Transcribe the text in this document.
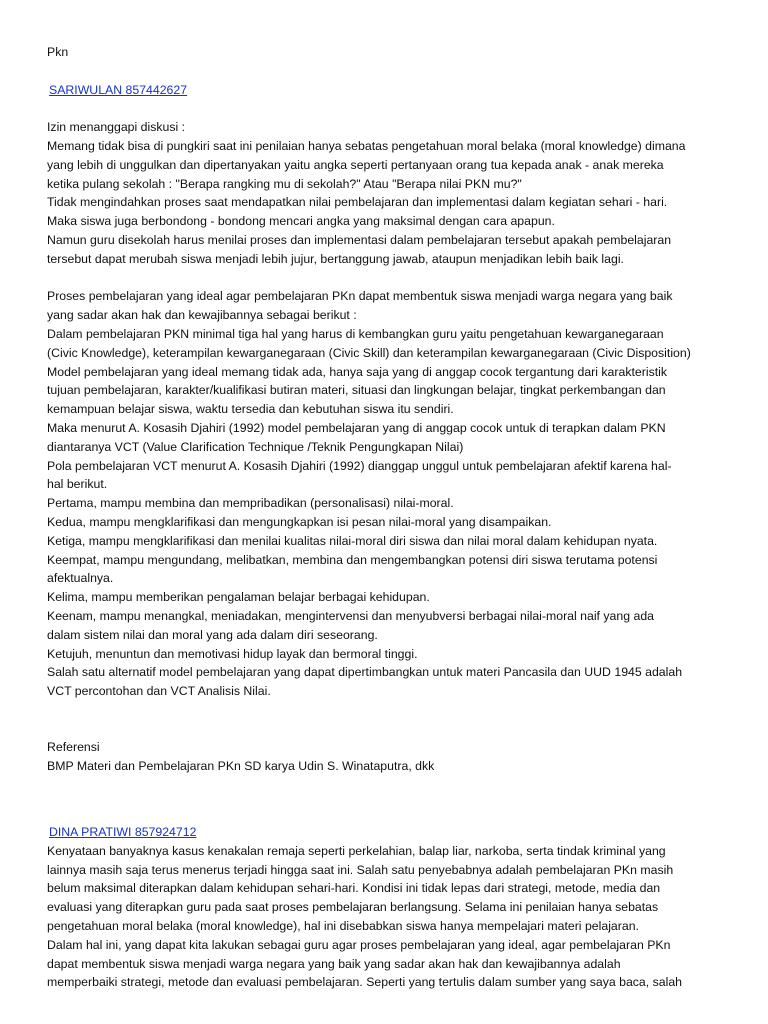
Pkn
SARIWULAN 857442627
Izin menanggapi diskusi :
Memang tidak bisa di pungkiri saat ini penilaian hanya sebatas pengetahuan moral belaka (moral knowledge) dimana
yang lebih di unggulkan dan dipertanyakan yaitu angka seperti pertanyaan orang tua kepada anak - anak mereka
ketika pulang sekolah : "Berapa rangking mu di sekolah?" Atau "Berapa nilai PKN mu?"
Tidak mengindahkan proses saat mendapatkan nilai pembelajaran dan implementasi dalam kegiatan sehari - hari.
Maka siswa juga berbondong - bondong mencari angka yang maksimal dengan cara apapun.
Namun guru disekolah harus menilai proses dan implementasi dalam pembelajaran tersebut apakah pembelajaran
tersebut dapat merubah siswa menjadi lebih jujur, bertanggung jawab, ataupun menjadikan lebih baik lagi.
Proses pembelajaran yang ideal agar pembelajaran PKn dapat membentuk siswa menjadi warga negara yang baik
yang sadar akan hak dan kewajibannya sebagai berikut :
Dalam pembelajaran PKN minimal tiga hal yang harus di kembangkan guru yaitu pengetahuan kewarganegaraan
(Civic Knowledge), keterampilan kewarganegaraan (Civic Skill) dan keterampilan kewarganegaraan (Civic Disposition)
Model pembelajaran yang ideal memang tidak ada, hanya saja yang di anggap cocok tergantung dari karakteristik
tujuan pembelajaran, karakter/kualifikasi butiran materi, situasi dan lingkungan belajar, tingkat perkembangan dan
kemampuan belajar siswa, waktu tersedia dan kebutuhan siswa itu sendiri.
Maka menurut A. Kosasih Djahiri (1992) model pembelajaran yang di anggap cocok untuk di terapkan dalam PKN
diantaranya VCT (Value Clarification Technique /Teknik Pengungkapan Nilai)
Pola pembelajaran VCT menurut A. Kosasih Djahiri (1992) dianggap unggul untuk pembelajaran afektif karena hal-
hal berikut.
Pertama, mampu membina dan mempribadikan (personalisasi) nilai-moral.
Kedua, mampu mengklarifikasi dan mengungkapkan isi pesan nilai-moral yang disampaikan.
Ketiga, mampu mengklarifikasi dan menilai kualitas nilai-moral diri siswa dan nilai moral dalam kehidupan nyata.
Keempat, mampu mengundang, melibatkan, membina dan mengembangkan potensi diri siswa terutama potensi
afektualnya.
Kelima, mampu memberikan pengalaman belajar berbagai kehidupan.
Keenam, mampu menangkal, meniadakan, mengintervensi dan menyubversi berbagai nilai-moral naif yang ada
dalam sistem nilai dan moral yang ada dalam diri seseorang.
Ketujuh, menuntun dan memotivasi hidup layak dan bermoral tinggi.
Salah satu alternatif model pembelajaran yang dapat dipertimbangkan untuk materi Pancasila dan UUD 1945 adalah
VCT percontohan dan VCT Analisis Nilai.
Referensi
BMP Materi dan Pembelajaran PKn SD karya Udin S. Winataputra, dkk
DINA PRATIWI 857924712
Kenyataan banyaknya kasus kenakalan remaja seperti perkelahian, balap liar, narkoba, serta tindak kriminal yang
lainnya masih saja terus menerus terjadi hingga saat ini. Salah satu penyebabnya adalah pembelajaran PKn masih
belum maksimal diterapkan dalam kehidupan sehari-hari. Kondisi ini tidak lepas dari strategi, metode, media dan
evaluasi yang diterapkan guru pada saat proses pembelajaran berlangsung. Selama ini penilaian hanya sebatas
pengetahuan moral belaka (moral knowledge), hal ini disebabkan siswa hanya mempelajari materi pelajaran.
Dalam hal ini, yang dapat kita lakukan sebagai guru agar proses pembelajaran yang ideal, agar pembelajaran PKn
dapat membentuk siswa menjadi warga negara yang baik yang sadar akan hak dan kewajibannya adalah
memperbaiki strategi, metode dan evaluasi pembelajaran. Seperti yang tertulis dalam sumber yang saya baca, salah
